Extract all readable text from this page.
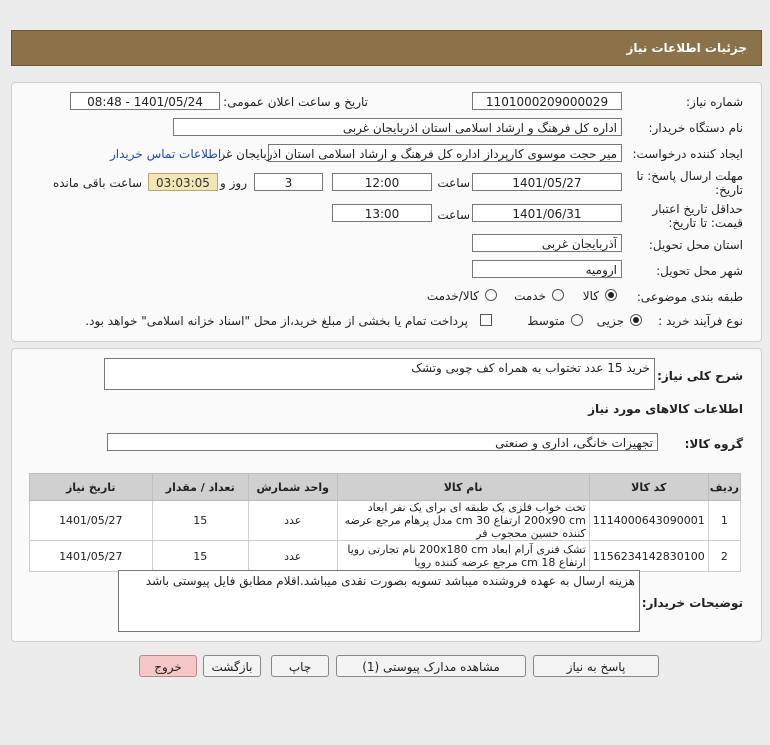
جزئیات اطلاعات نیاز
شماره نیاز:
1101000209000029
تاریخ و ساعت اعلان عمومی:
1401/05/24 - 08:48
نام دستگاه خریدار:
اداره کل فرهنگ و ارشاد اسلامی استان اذربایجان غربی
ایجاد کننده درخواست:
میر حجت موسوی کارپرداز اداره کل فرهنگ و ارشاد اسلامی استان اذربایجان غر
اطلاعات تماس خریدار
مهلت ارسال پاسخ: تا
تاریخ:
1401/05/27
ساعت
12:00
3
روز و
03:03:05
ساعت باقی مانده
حداقل تاریخ اعتبار
قیمت: تا تاریخ:
1401/06/31
ساعت
13:00
استان محل تحویل:
آذربایجان غربی
شهر محل تحویل:
ارومیه
طبقه بندی موضوعی:
کالا
خدمت
کالا/خدمت
نوع فرآیند خرید :
جزیی
متوسط
پرداخت تمام یا بخشی از مبلغ خرید،از محل "اسناد خزانه اسلامی" خواهد بود.
شرح کلی نیاز:
خرید 15 عدد تختواب به همراه کف چوبی وتشک
اطلاعات کالاهای مورد نیاز
گروه کالا:
تجهیزات خانگی، اداری و صنعتی
ردیف	کد کالا	نام کالا	واحد شمارش	تعداد / مقدار	تاریخ نیاز
1	1114000643090001	تخت خواب فلزی یک طبقه ای برای یک نفر ابعاد 200x90 cm ارتفاع 30 cm مدل پرهام مرجع عرضه کننده حسین محجوب فر	عدد	15	1401/05/27
2	1156234142830100	تشک فنری آرام ابعاد 200x180 cm نام تجارتی رویا ارتفاع 18 cm مرجع عرضه کننده رویا	عدد	15	1401/05/27
توضیحات خریدار:
هزینه ارسال به عهده فروشنده میباشد تسویه بصورت نقدی میباشد.اقلام مطابق فایل پیوستی باشد
پاسخ به نیاز
مشاهده مدارک پیوستی (1)
چاپ
بازگشت
خروج
